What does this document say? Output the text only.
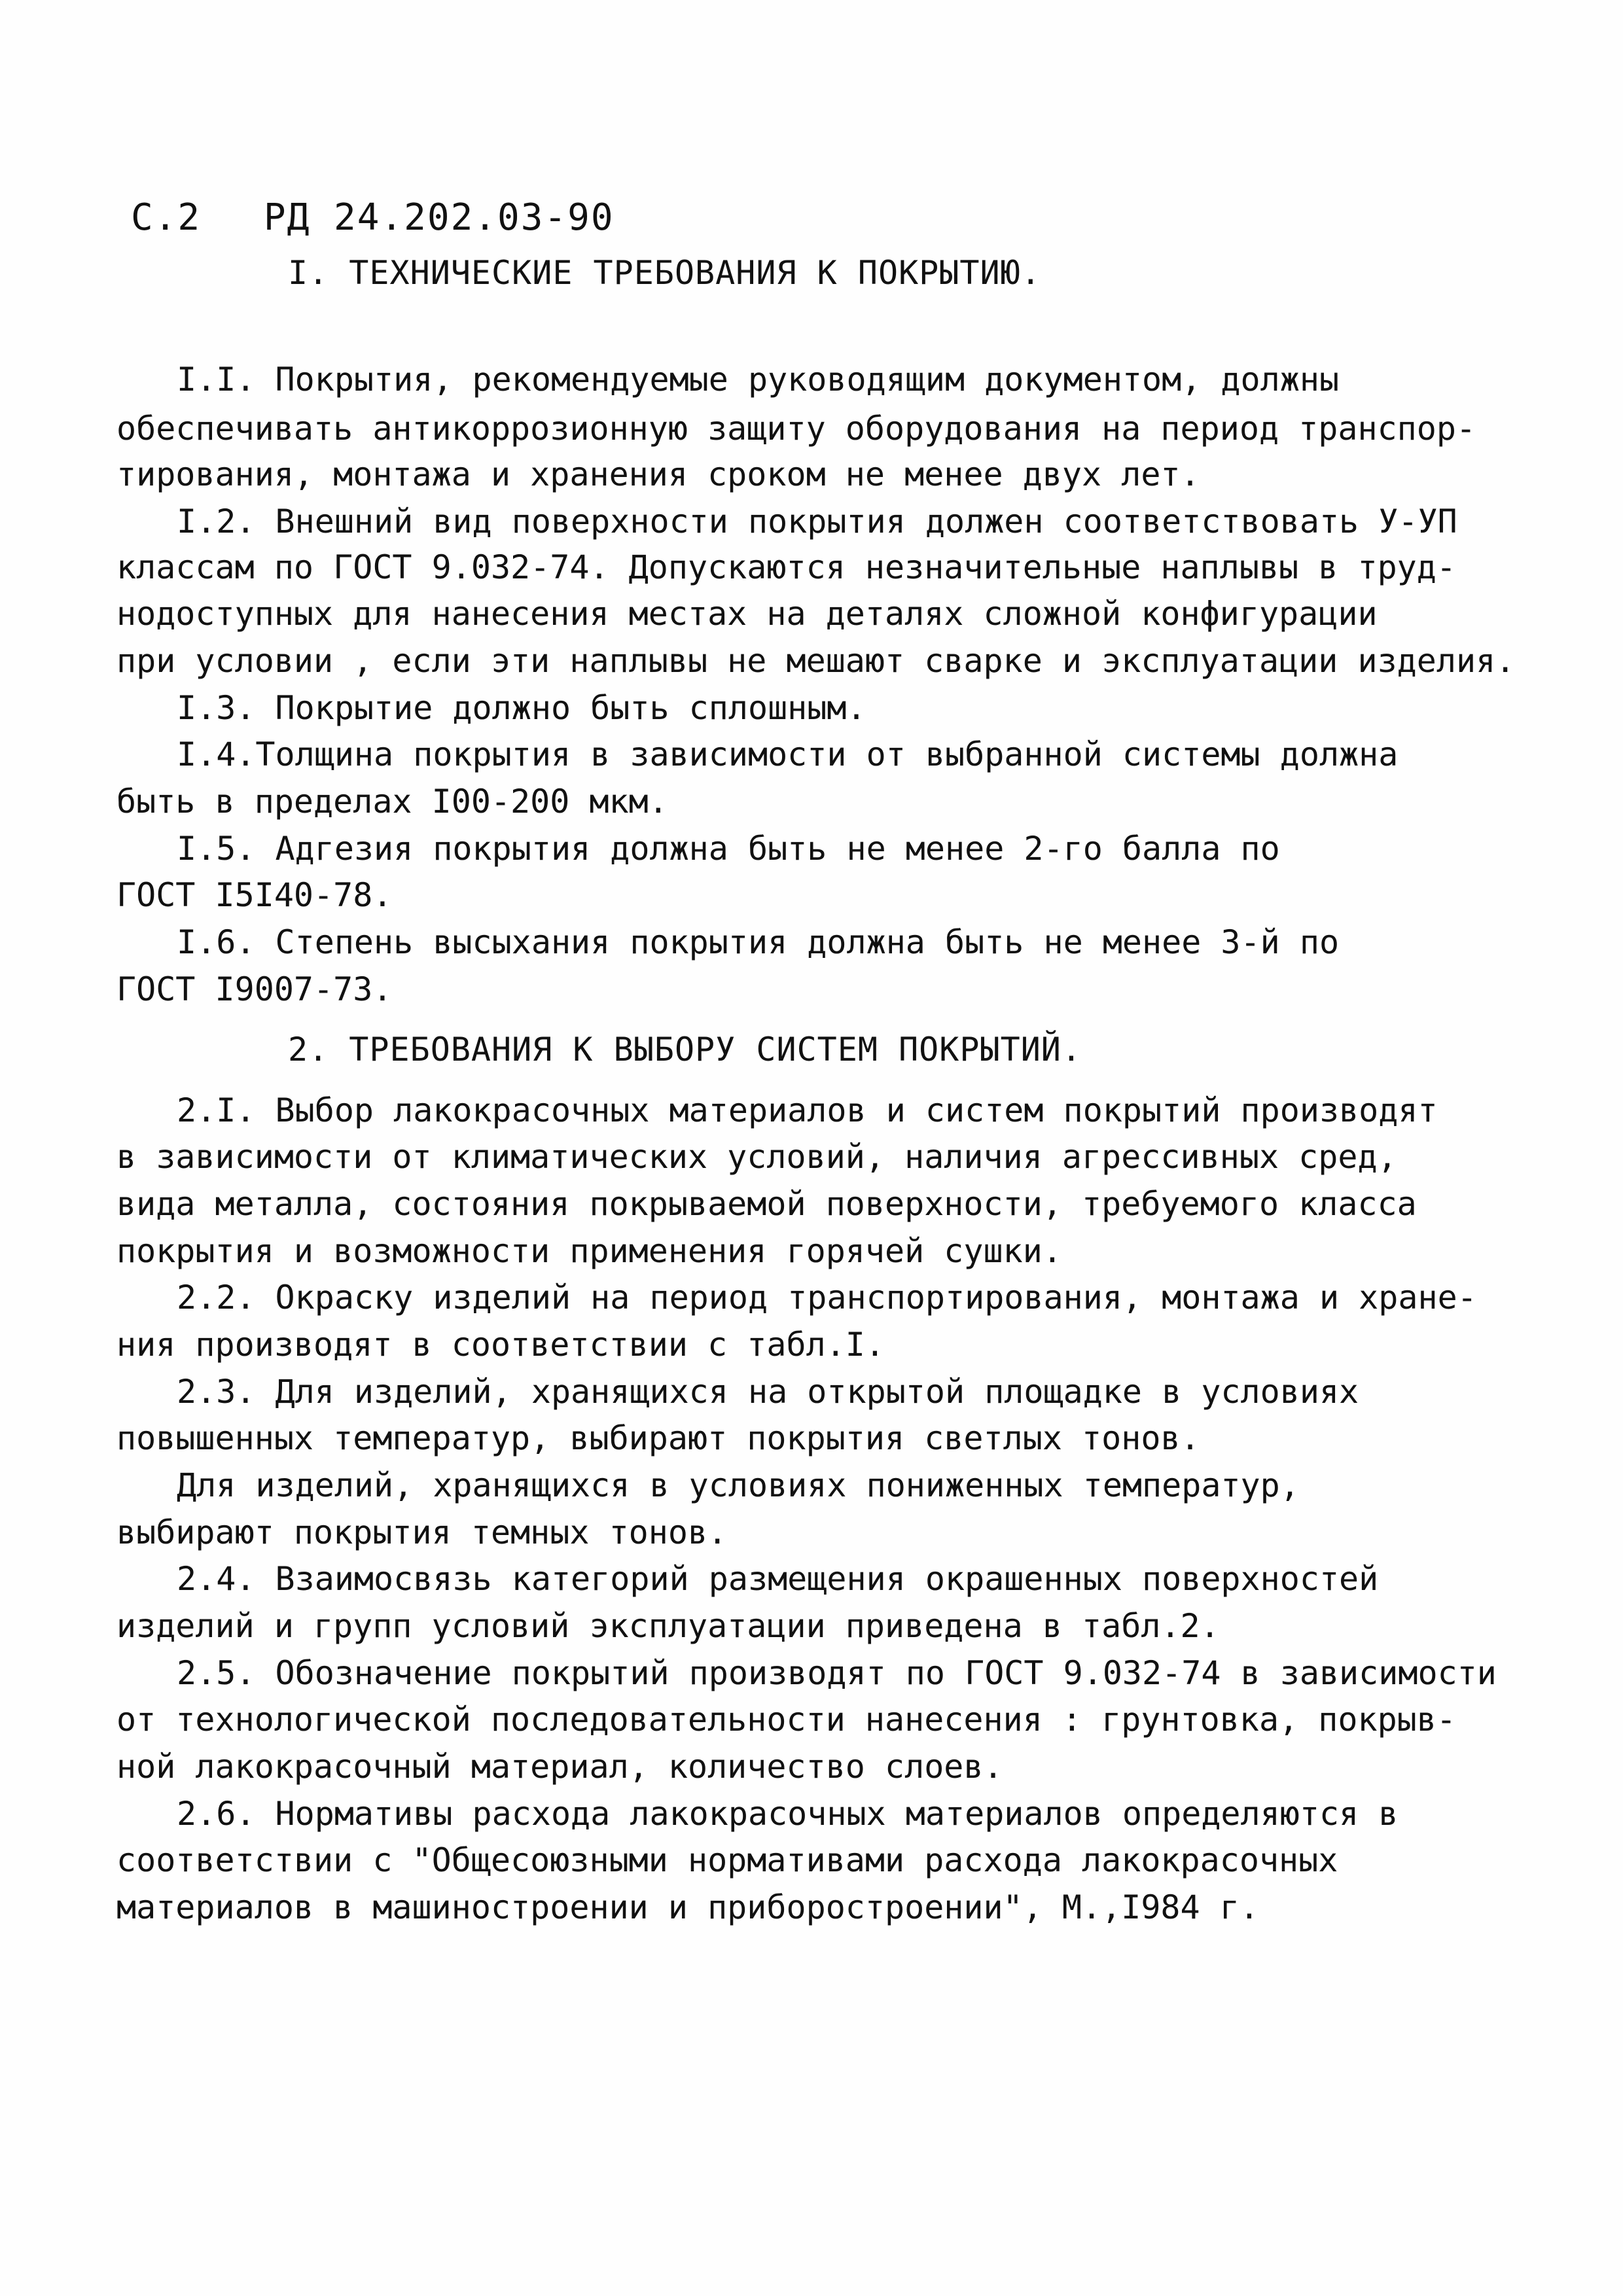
С.2 РД 24.202.03-90
I. ТЕХНИЧЕСКИЕ ТРЕБОВАНИЯ К ПОКРЫТИЮ.
I.I. Покрытия, рекомендуемые руководящим документом, должны
обеспечивать антикоррозионную защиту оборудования на период транспор-
тирования, монтажа и хранения сроком не менее двух лет.
I.2. Внешний вид поверхности покрытия должен соответствовать У-УП
классам по ГОСТ 9.032-74. Допускаются незначительные наплывы в труд-
нодоступных для нанесения местах на деталях сложной конфигурации
при условии , если эти наплывы не мешают сварке и эксплуатации изделия.
I.3. Покрытие должно быть сплошным.
I.4.Толщина покрытия в зависимости от выбранной системы должна
быть в пределах I00-200 мкм.
I.5. Адгезия покрытия должна быть не менее 2-го балла по
ГОСТ I5I40-78.
I.6. Степень высыхания покрытия должна быть не менее 3-й по
ГОСТ I9007-73.
2. ТРЕБОВАНИЯ К ВЫБОРУ СИСТЕМ ПОКРЫТИЙ.
2.I. Выбор лакокрасочных материалов и систем покрытий производят
в зависимости от климатических условий, наличия агрессивных сред,
вида металла, состояния покрываемой поверхности, требуемого класса
покрытия и возможности применения горячей сушки.
2.2. Окраску изделий на период транспортирования, монтажа и хране-
ния производят в соответствии с табл.I.
2.3. Для изделий, хранящихся на открытой площадке в условиях
повышенных температур, выбирают покрытия светлых тонов.
Для изделий, хранящихся в условиях пониженных температур,
выбирают покрытия темных тонов.
2.4. Взаимосвязь категорий размещения окрашенных поверхностей
изделий и групп условий эксплуатации приведена в табл.2.
2.5. Обозначение покрытий производят по ГОСТ 9.032-74 в зависимости
от технологической последовательности нанесения : грунтовка, покрыв-
ной лакокрасочный материал, количество слоев.
2.6. Нормативы расхода лакокрасочных материалов определяются в
соответствии с "Общесоюзными нормативами расхода лакокрасочных
материалов в машиностроении и приборостроении", М.,I984 г.
